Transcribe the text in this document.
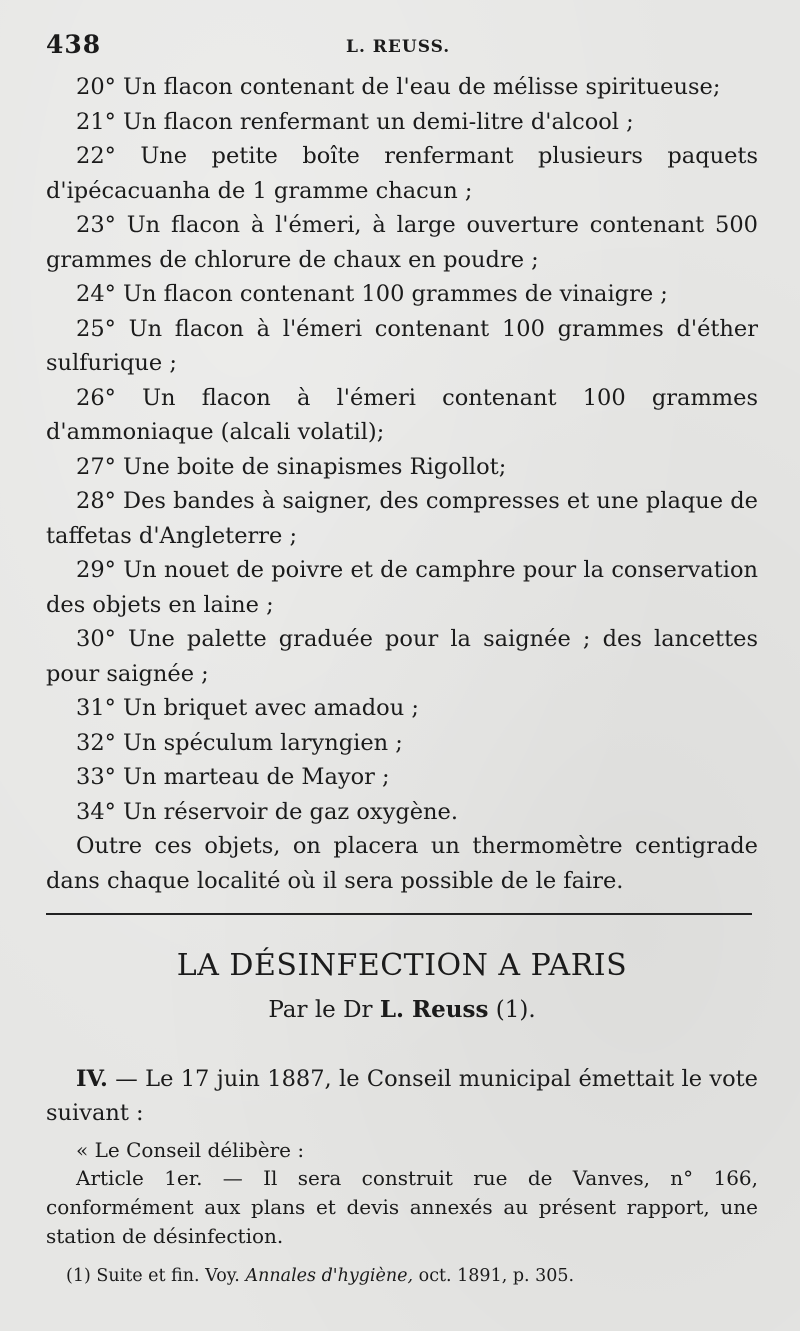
438	L. REUSS.

20° Un flacon contenant de l'eau de mélisse spiritueuse;

21° Un flacon renfermant un demi-litre d'alcool ;

22° Une petite boîte renfermant plusieurs paquets d'ipécacuanha de 1 gramme chacun ;

23° Un flacon à l'émeri, à large ouverture contenant 500 grammes de chlorure de chaux en poudre ;

24° Un flacon contenant 100 grammes de vinaigre ;

25° Un flacon à l'émeri contenant 100 grammes d'éther sulfurique ;

26° Un flacon à l'émeri contenant 100 grammes d'ammoniaque (alcali volatil);

27° Une boite de sinapismes Rigollot;

28° Des bandes à saigner, des compresses et une plaque de taffetas d'Angleterre ;

29° Un nouet de poivre et de camphre pour la conservation des objets en laine ;

30° Une palette graduée pour la saignée ; des lancettes pour saignée ;

31° Un briquet avec amadou ;

32° Un spéculum laryngien ;

33° Un marteau de Mayor ;

34° Un réservoir de gaz oxygène.

Outre ces objets, on placera un thermomètre centigrade dans chaque localité où il sera possible de le faire.

LA DÉSINFECTION A PARIS
Par le Dr L. Reuss (1).

IV. — Le 17 juin 1887, le Conseil municipal émettait le vote suivant :

« Le Conseil délibère :

Article 1er. — Il sera construit rue de Vanves, n° 166, conformément aux plans et devis annexés au présent rapport, une station de désinfection.

(1) Suite et fin. Voy. Annales d'hygiène, oct. 1891, p. 305.
